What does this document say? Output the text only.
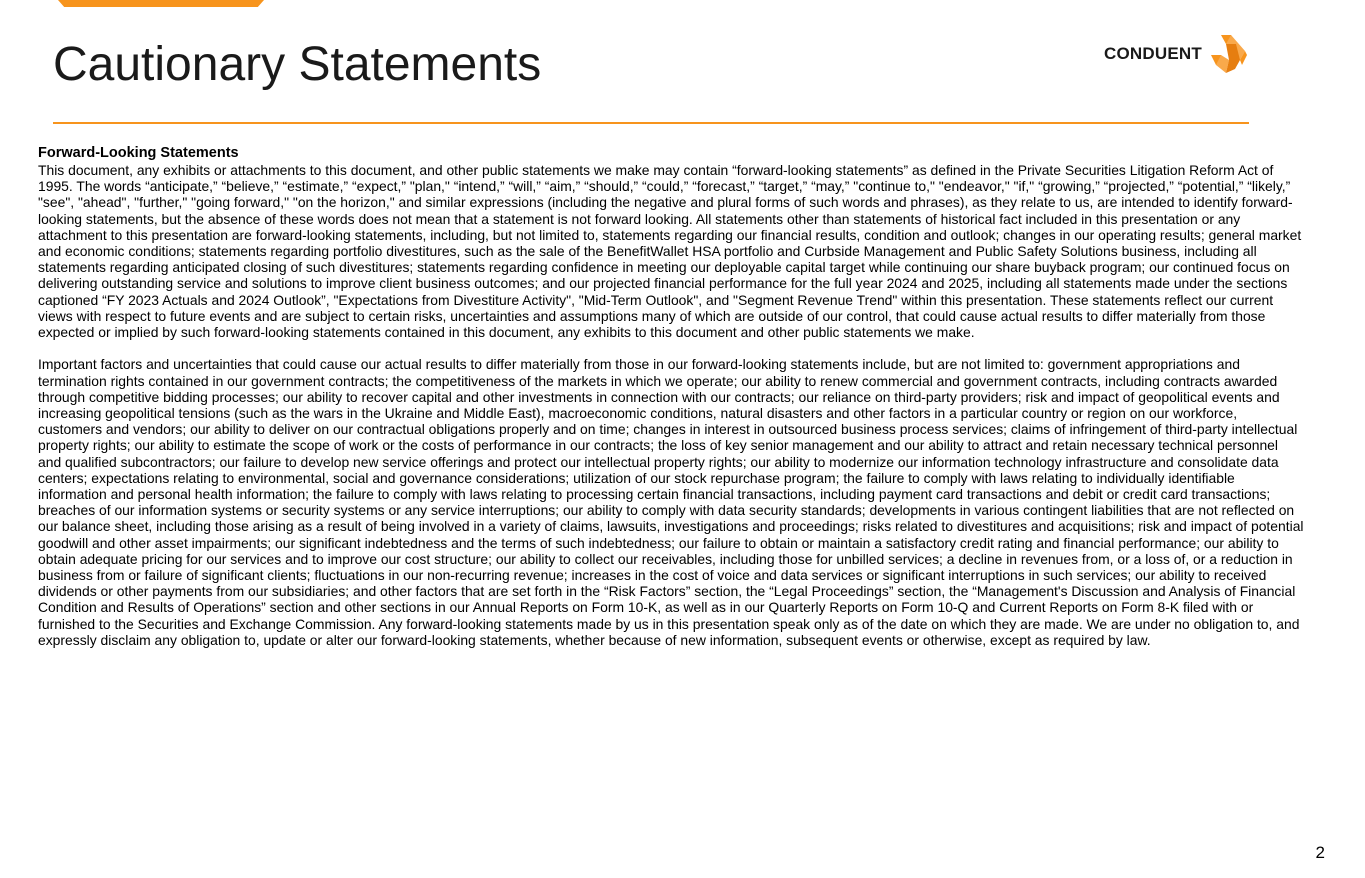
Cautionary Statements	CONDUENT

Forward-Looking Statements

This document, any exhibits or attachments to this document, and other public statements we make may contain “forward-looking statements” as defined in the Private Securities Litigation Reform Act of 1995. The words “anticipate,” “believe,” “estimate,” “expect,” "plan," “intend,” “will,” “aim,” “should,” “could,” “forecast,” “target,” “may,” "continue to," "endeavor," "if," “growing,” “projected,” “potential,” “likely,” "see", "ahead", "further," "going forward," "on the horizon," and similar expressions (including the negative and plural forms of such words and phrases), as they relate to us, are intended to identify forward-looking statements, but the absence of these words does not mean that a statement is not forward looking. All statements other than statements of historical fact included in this presentation or any attachment to this presentation are forward-looking statements, including, but not limited to, statements regarding our financial results, condition and outlook; changes in our operating results; general market and economic conditions; statements regarding portfolio divestitures, such as the sale of the BenefitWallet HSA portfolio and Curbside Management and Public Safety Solutions business, including all statements regarding anticipated closing of such divestitures; statements regarding confidence in meeting our deployable capital target while continuing our share buyback program; our continued focus on delivering outstanding service and solutions to improve client business outcomes; and our projected financial performance for the full year 2024 and 2025, including all statements made under the sections captioned “FY 2023 Actuals and 2024 Outlook”, "Expectations from Divestiture Activity", "Mid-Term Outlook", and "Segment Revenue Trend" within this presentation. These statements reflect our current views with respect to future events and are subject to certain risks, uncertainties and assumptions many of which are outside of our control, that could cause actual results to differ materially from those expected or implied by such forward-looking statements contained in this document, any exhibits to this document and other public statements we make.

Important factors and uncertainties that could cause our actual results to differ materially from those in our forward-looking statements include, but are not limited to: government appropriations and termination rights contained in our government contracts; the competitiveness of the markets in which we operate; our ability to renew commercial and government contracts, including contracts awarded through competitive bidding processes; our ability to recover capital and other investments in connection with our contracts; our reliance on third-party providers; risk and impact of geopolitical events and increasing geopolitical tensions (such as the wars in the Ukraine and Middle East), macroeconomic conditions, natural disasters and other factors in a particular country or region on our workforce, customers and vendors; our ability to deliver on our contractual obligations properly and on time; changes in interest in outsourced business process services; claims of infringement of third-party intellectual property rights; our ability to estimate the scope of work or the costs of performance in our contracts; the loss of key senior management and our ability to attract and retain necessary technical personnel and qualified subcontractors; our failure to develop new service offerings and protect our intellectual property rights; our ability to modernize our information technology infrastructure and consolidate data centers; expectations relating to environmental, social and governance considerations; utilization of our stock repurchase program; the failure to comply with laws relating to individually identifiable information and personal health information; the failure to comply with laws relating to processing certain financial transactions, including payment card transactions and debit or credit card transactions; breaches of our information systems or security systems or any service interruptions; our ability to comply with data security standards; developments in various contingent liabilities that are not reflected on our balance sheet, including those arising as a result of being involved in a variety of claims, lawsuits, investigations and proceedings; risks related to divestitures and acquisitions; risk and impact of potential goodwill and other asset impairments; our significant indebtedness and the terms of such indebtedness; our failure to obtain or maintain a satisfactory credit rating and financial performance; our ability to obtain adequate pricing for our services and to improve our cost structure; our ability to collect our receivables, including those for unbilled services; a decline in revenues from, or a loss of, or a reduction in business from or failure of significant clients; fluctuations in our non-recurring revenue; increases in the cost of voice and data services or significant interruptions in such services; our ability to received dividends or other payments from our subsidiaries; and other factors that are set forth in the “Risk Factors” section, the “Legal Proceedings” section, the “Management's Discussion and Analysis of Financial Condition and Results of Operations” section and other sections in our Annual Reports on Form 10-K, as well as in our Quarterly Reports on Form 10-Q and Current Reports on Form 8-K filed with or furnished to the Securities and Exchange Commission. Any forward-looking statements made by us in this presentation speak only as of the date on which they are made. We are under no obligation to, and expressly disclaim any obligation to, update or alter our forward-looking statements, whether because of new information, subsequent events or otherwise, except as required by law.

2
